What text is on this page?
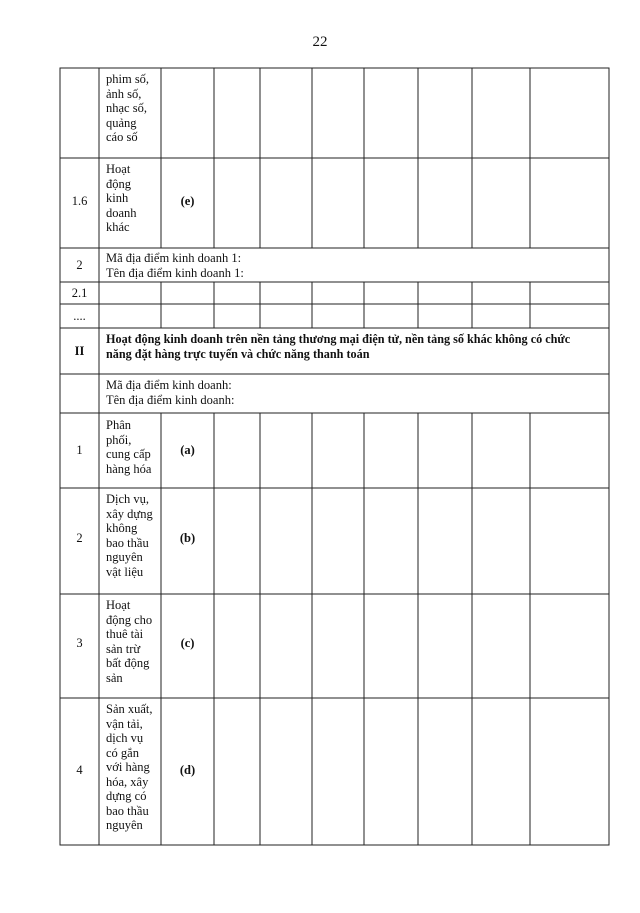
22
phim số,
ảnh số,
nhạc số,
quảng
cáo số
1.6
Hoạt
động
kinh
doanh
khác
(e)
2	Mã địa điểm kinh doanh 1:
Tên địa điểm kinh doanh 1:
2.1
....
II
Hoạt động kinh doanh trên nền tảng thương mại điện tử, nền tảng số khác không có chức
năng đặt hàng trực tuyến và chức năng thanh toán
Mã địa điểm kinh doanh:
Tên địa điểm kinh doanh:
1
Phân
phối,
cung cấp
hàng hóa
(a)
2
Dịch vụ,
xây dựng
không
bao thầu
nguyên
vật liệu
(b)
3
Hoạt
động cho
thuê tài
sản trừ
bất động
sản
(c)
4
Sản xuất,
vận tải,
dịch vụ
có gắn
với hàng
hóa, xây
dựng có
bao thầu
nguyên
(d)
